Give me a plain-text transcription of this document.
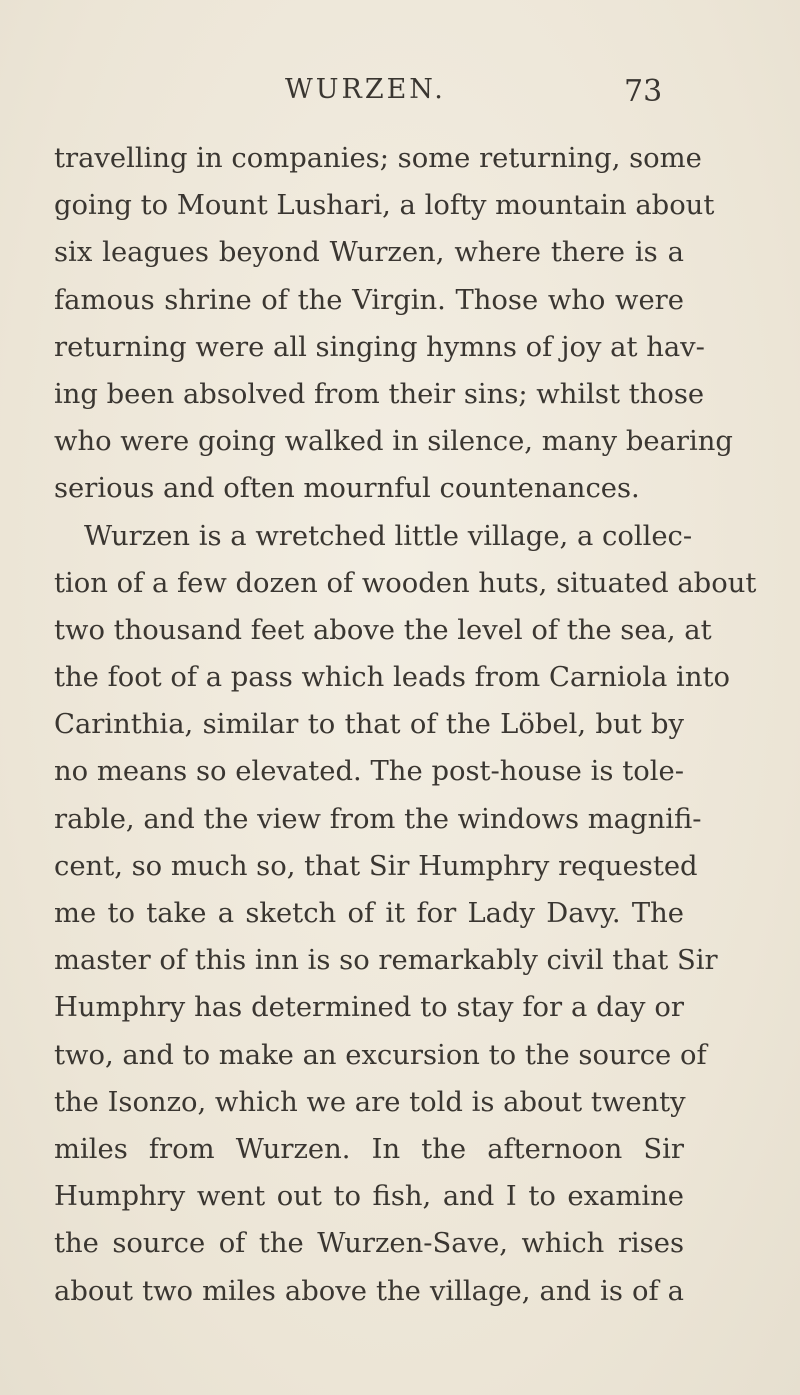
WURZEN.	73
travelling in companies; some returning, some
going to Mount Lushari, a lofty mountain about
six leagues beyond Wurzen, where there is a
famous shrine of the Virgin. Those who were
returning were all singing hymns of joy at hav-
ing been absolved from their sins; whilst those
who were going walked in silence, many bearing
serious and often mournful countenances.
Wurzen is a wretched little village, a collec-
tion of a few dozen of wooden huts, situated about
two thousand feet above the level of the sea, at
the foot of a pass which leads from Carniola into
Carinthia, similar to that of the Löbel, but by
no means so elevated. The post-house is tole-
rable, and the view from the windows magnifi-
cent, so much so, that Sir Humphry requested
me to take a sketch of it for Lady Davy. The
master of this inn is so remarkably civil that Sir
Humphry has determined to stay for a day or
two, and to make an excursion to the source of
the Isonzo, which we are told is about twenty
miles from Wurzen. In the afternoon Sir
Humphry went out to fish, and I to examine
the source of the Wurzen-Save, which rises
about two miles above the village, and is of a
